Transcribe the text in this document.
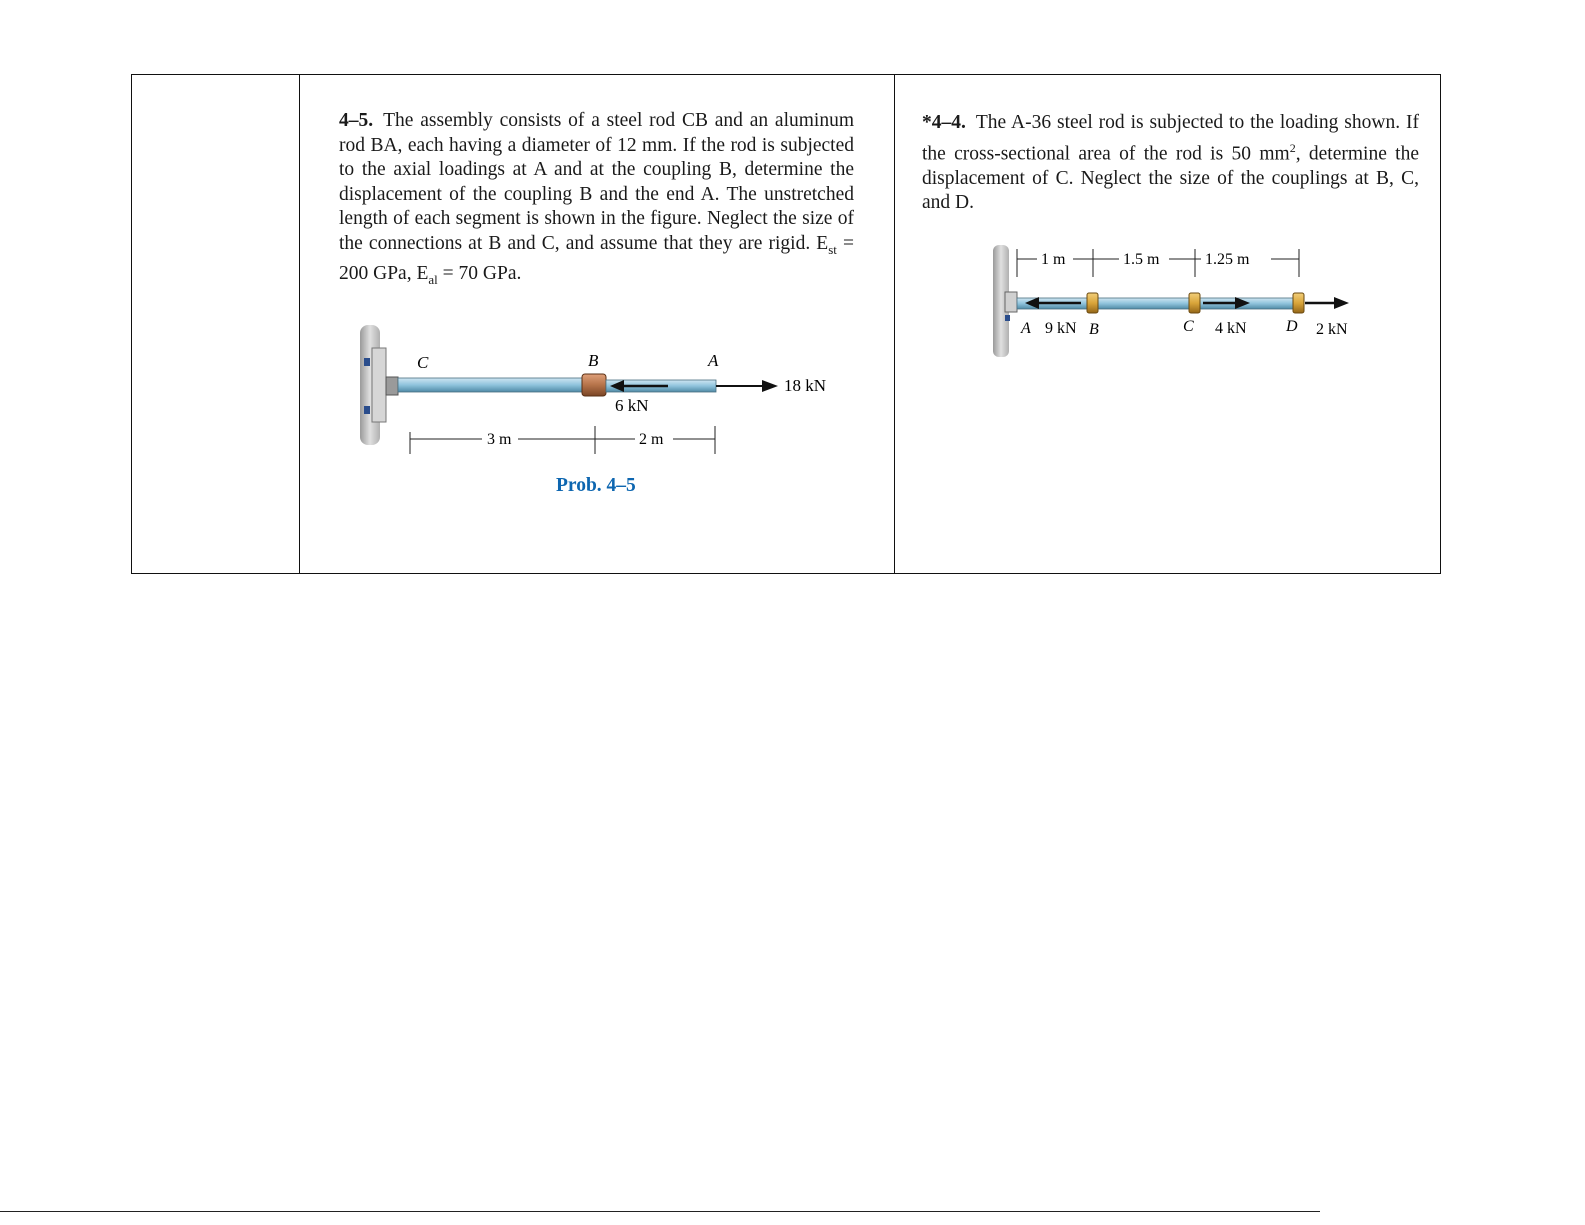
4–5. The assembly consists of a steel rod CB and an aluminum rod BA, each having a diameter of 12 mm. If the rod is subjected to the axial loadings at A and at the coupling B, determine the displacement of the coupling B and the end A. The unstretched length of each segment is shown in the figure. Neglect the size of the connections at B and C, and assume that they are rigid. $E_{st} = 200$ GPa, $E_{al} = 70$ GPa.
C	B	A
18 kN
6 kN
3 m	2 m
Prob. 4–5
*4–4. The A-36 steel rod is subjected to the loading shown. If the cross-sectional area of the rod is 50 $mm^2$, determine the displacement of C. Neglect the size of the couplings at B, C, and D.
1 m	1.5 m	1.25 m
A 9 kN B	C 4 kN D 2 kN
